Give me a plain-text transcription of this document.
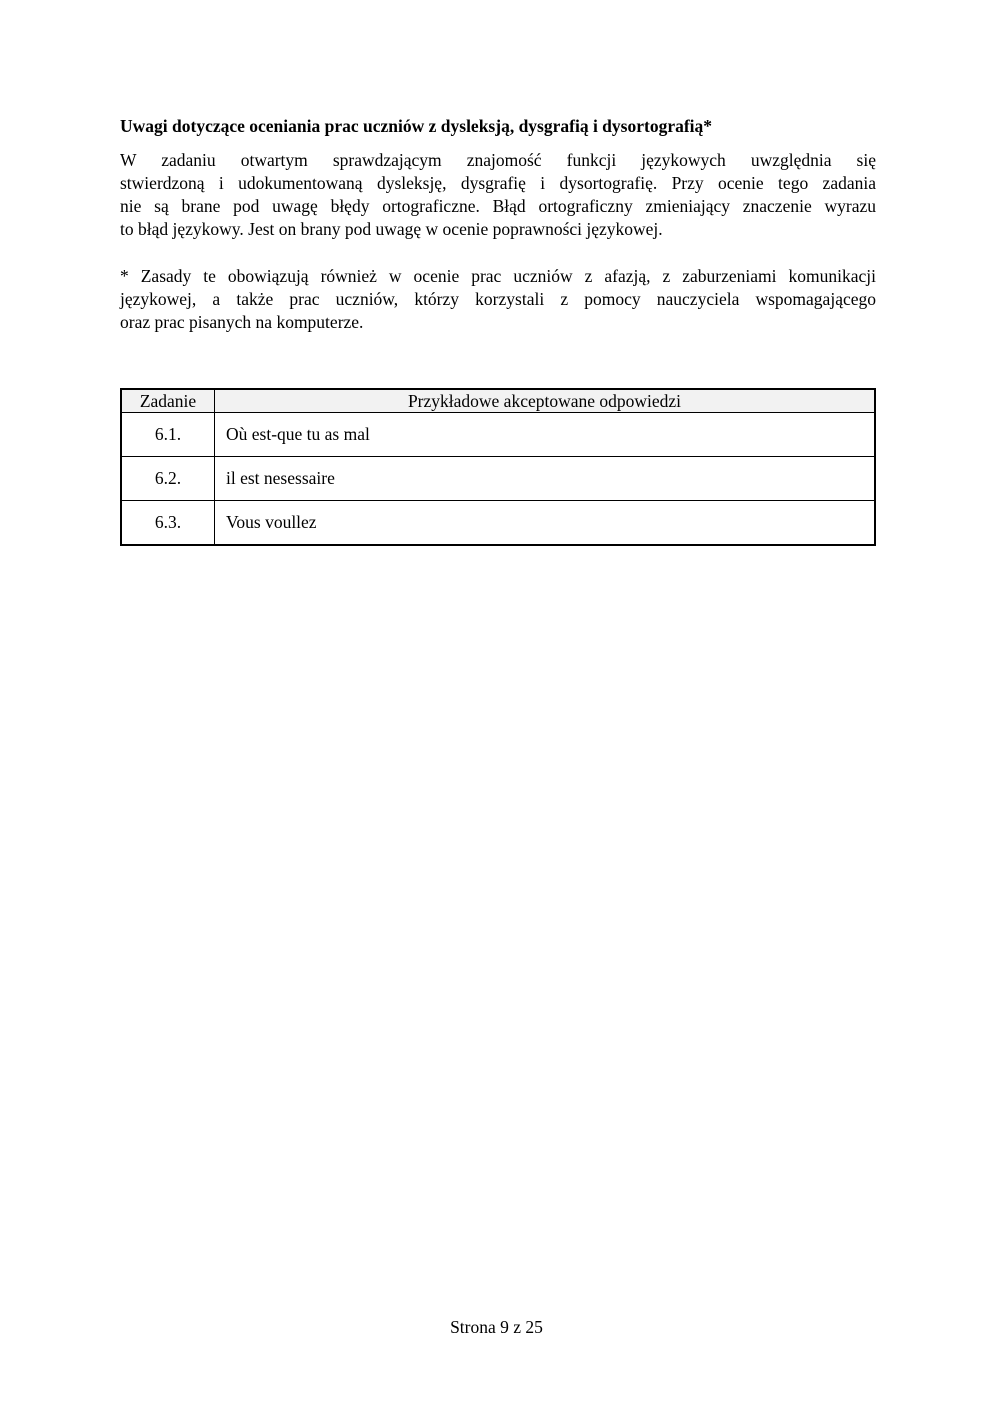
Uwagi dotyczące oceniania prac uczniów z dysleksją, dysgrafią i dysortografią*

W zadaniu otwartym sprawdzającym znajomość funkcji językowych uwzględnia się
stwierdzoną i udokumentowaną dysleksję, dysgrafię i dysortografię. Przy ocenie tego zadania
nie są brane pod uwagę błędy ortograficzne. Błąd ortograficzny zmieniający znaczenie wyrazu
to błąd językowy. Jest on brany pod uwagę w ocenie poprawności językowej.
* Zasady te obowiązują również w ocenie prac uczniów z afazją, z zaburzeniami komunikacji
językowej, a także prac uczniów, którzy korzystali z pomocy nauczyciela wspomagającego
oraz prac pisanych na komputerze.
Zadanie	Przykładowe akceptowane odpowiedzi
6.1.	Où est-que tu as mal
6.2.	il est nesessaire
6.3.	Vous voullez
Strona 9 z 25
